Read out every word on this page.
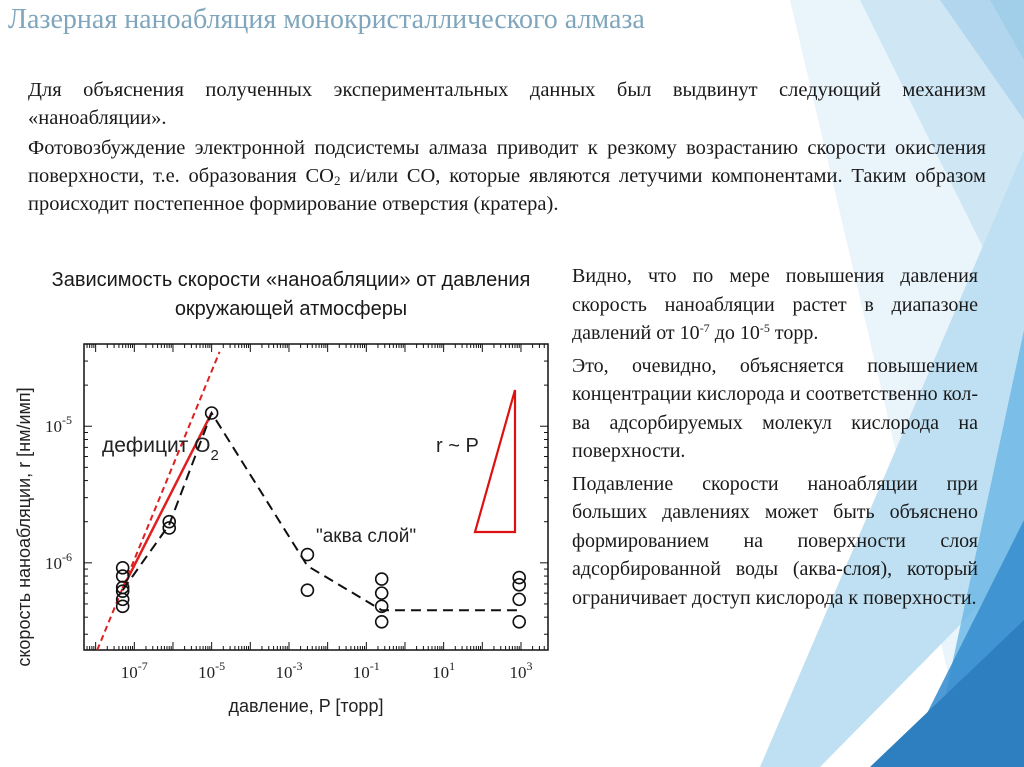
Лазерная наноабляция монокристаллического алмаза

Для объяснения полученных экспериментальных данных был выдвинут следующий механизм «наноабляции».

Фотовозбуждение электронной подсистемы алмаза приводит к резкому возрастанию скорости окисления поверхности, т.е. образования $CO_2$ и/или CO, которые являются летучими компонентами. Таким образом происходит постепенное формирование отверстия (кратера).

Зависимость скорости «наноабляции» от давления окружающей атмосферы

$10^{-7}$	$10^{-5}$	$10^{-3}$	$10^{-1}$	$10^1$	$10^3$
$10^{-6}$
$10^{-5}$
давление, P [торр]
скорость наноабляции, r [нм/имп]	дефицит $O_2$
"аква слой"
r ~ P

Видно, что по мере повышения давления скорость наноабляции растет в диапазоне давлений от $10^{-7}$ до $10^{-5}$ торр.

Это, очевидно, объясняется повышением концентрации кислорода и соответственно кол-ва адсорбируемых молекул кислорода на поверхности.

Подавление скорости наноабляции при больших давлениях может быть объяснено формированием на поверхности слоя адсорбированной воды (аква-слоя), который ограничивает доступ кислорода к поверхности.
